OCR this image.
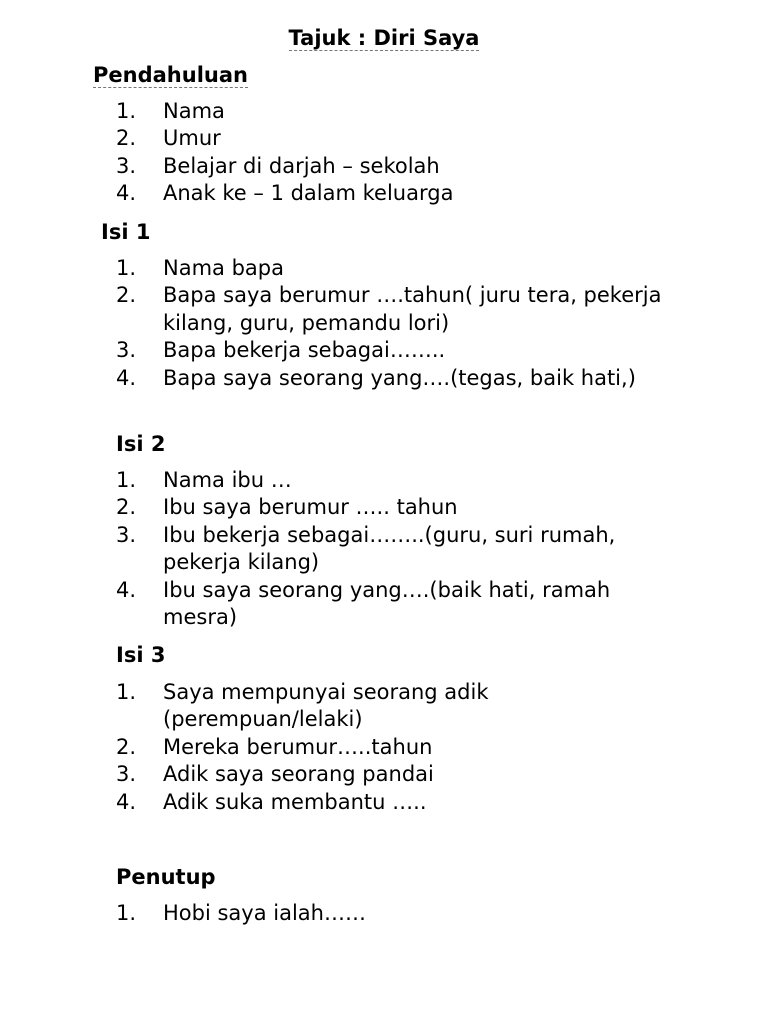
Tajuk : Diri Saya
Pendahuluan
1. Nama
2. Umur
3. Belajar di darjah – sekolah
4. Anak ke – 1 dalam keluarga
Isi 1
1. Nama bapa
2. Bapa saya berumur ….tahun( juru tera, pekerja kilang, guru, pemandu lori)
3. Bapa bekerja sebagai……..
4. Bapa saya seorang yang….(tegas, baik hati,)
Isi 2
1. Nama ibu …
2. Ibu saya berumur ….. tahun
3. Ibu bekerja sebagai……..(guru, suri rumah, pekerja kilang)
4. Ibu saya seorang yang….(baik hati, ramah mesra)
Isi 3
1. Saya mempunyai seorang adik (perempuan/lelaki)
2. Mereka berumur…..tahun
3. Adik saya seorang pandai
4. Adik suka membantu …..
Penutup
1. Hobi saya ialah……
